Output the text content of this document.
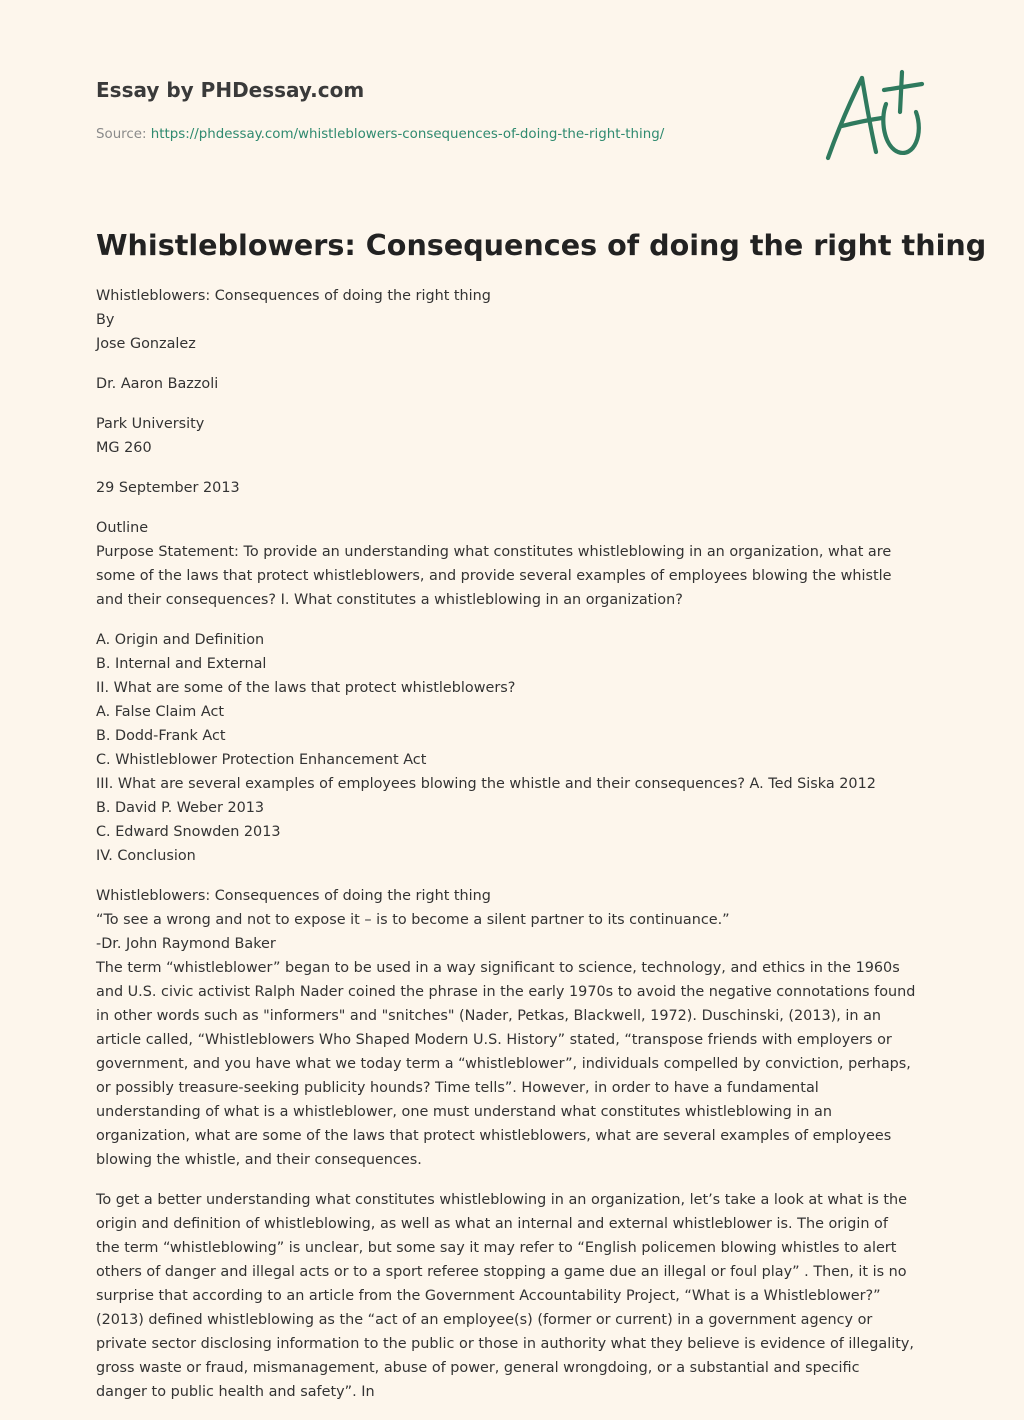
Essay by PHDessay.com
Source: https://phdessay.com/whistleblowers-consequences-of-doing-the-right-thing/
Whistleblowers: Consequences of doing the right thing

Whistleblowers: Consequences of doing the right thing
By
Jose Gonzalez

Dr. Aaron Bazzoli

Park University
MG 260

29 September 2013

Outline
Purpose Statement: To provide an understanding what constitutes whistleblowing in an organization, what are
some of the laws that protect whistleblowers, and provide several examples of employees blowing the whistle
and their consequences? I. What constitutes a whistleblowing in an organization?

A. Origin and Definition
B. Internal and External
II. What are some of the laws that protect whistleblowers?
A. False Claim Act
B. Dodd-Frank Act
C. Whistleblower Protection Enhancement Act
III. What are several examples of employees blowing the whistle and their consequences? A. Ted Siska 2012
B. David P. Weber 2013
C. Edward Snowden 2013
IV. Conclusion

Whistleblowers: Consequences of doing the right thing
“To see a wrong and not to expose it – is to become a silent partner to its continuance.”
-Dr. John Raymond Baker
The term “whistleblower” began to be used in a way significant to science, technology, and ethics in the 1960s
and U.S. civic activist Ralph Nader coined the phrase in the early 1970s to avoid the negative connotations found
in other words such as "informers" and "snitches" (Nader, Petkas, Blackwell, 1972). Duschinski, (2013), in an
article called, “Whistleblowers Who Shaped Modern U.S. History” stated, “transpose friends with employers or
government, and you have what we today term a “whistleblower”, individuals compelled by conviction, perhaps,
or possibly treasure-seeking publicity hounds? Time tells”. However, in order to have a fundamental
understanding of what is a whistleblower, one must understand what constitutes whistleblowing in an
organization, what are some of the laws that protect whistleblowers, what are several examples of employees
blowing the whistle, and their consequences.

To get a better understanding what constitutes whistleblowing in an organization, let’s take a look at what is the
origin and definition of whistleblowing, as well as what an internal and external whistleblower is. The origin of
the term “whistleblowing” is unclear, but some say it may refer to “English policemen blowing whistles to alert
others of danger and illegal acts or to a sport referee stopping a game due an illegal or foul play” . Then, it is no
surprise that according to an article from the Government Accountability Project, “What is a Whistleblower?”
(2013) defined whistleblowing as the “act of an employee(s) (former or current) in a government agency or
private sector disclosing information to the public or those in authority what they believe is evidence of illegality,
gross waste or fraud, mismanagement, abuse of power, general wrongdoing, or a substantial and specific
danger to public health and safety”. In
